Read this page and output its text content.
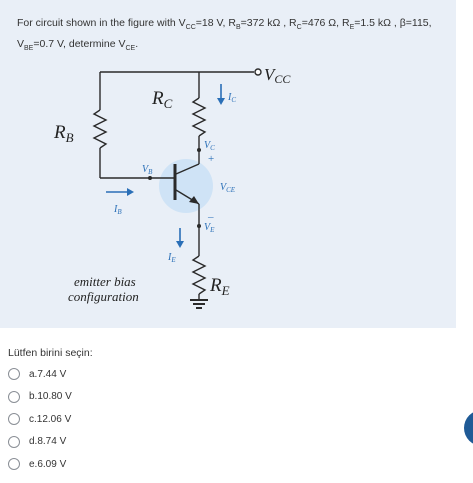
For circuit shown in the figure with $V_{CC}=18$ V, $R_B=372$ kΩ , $R_C=476$ Ω, $R_E=1.5$ kΩ , β=115,
$V_{BE}=0.7$ V, determine $V_{CE}$.
VCC
$R_B$
$R_C$
$R_E$
$I_C$
$I_B$
$I_E$
$V_B$
$V_C$
$V_{CE}$
$V_E$
+
–
emitter bias
configuration
Lütfen birini seçin:
a.7.44 V
b.10.80 V
c.12.06 V
d.8.74 V
e.6.09 V
